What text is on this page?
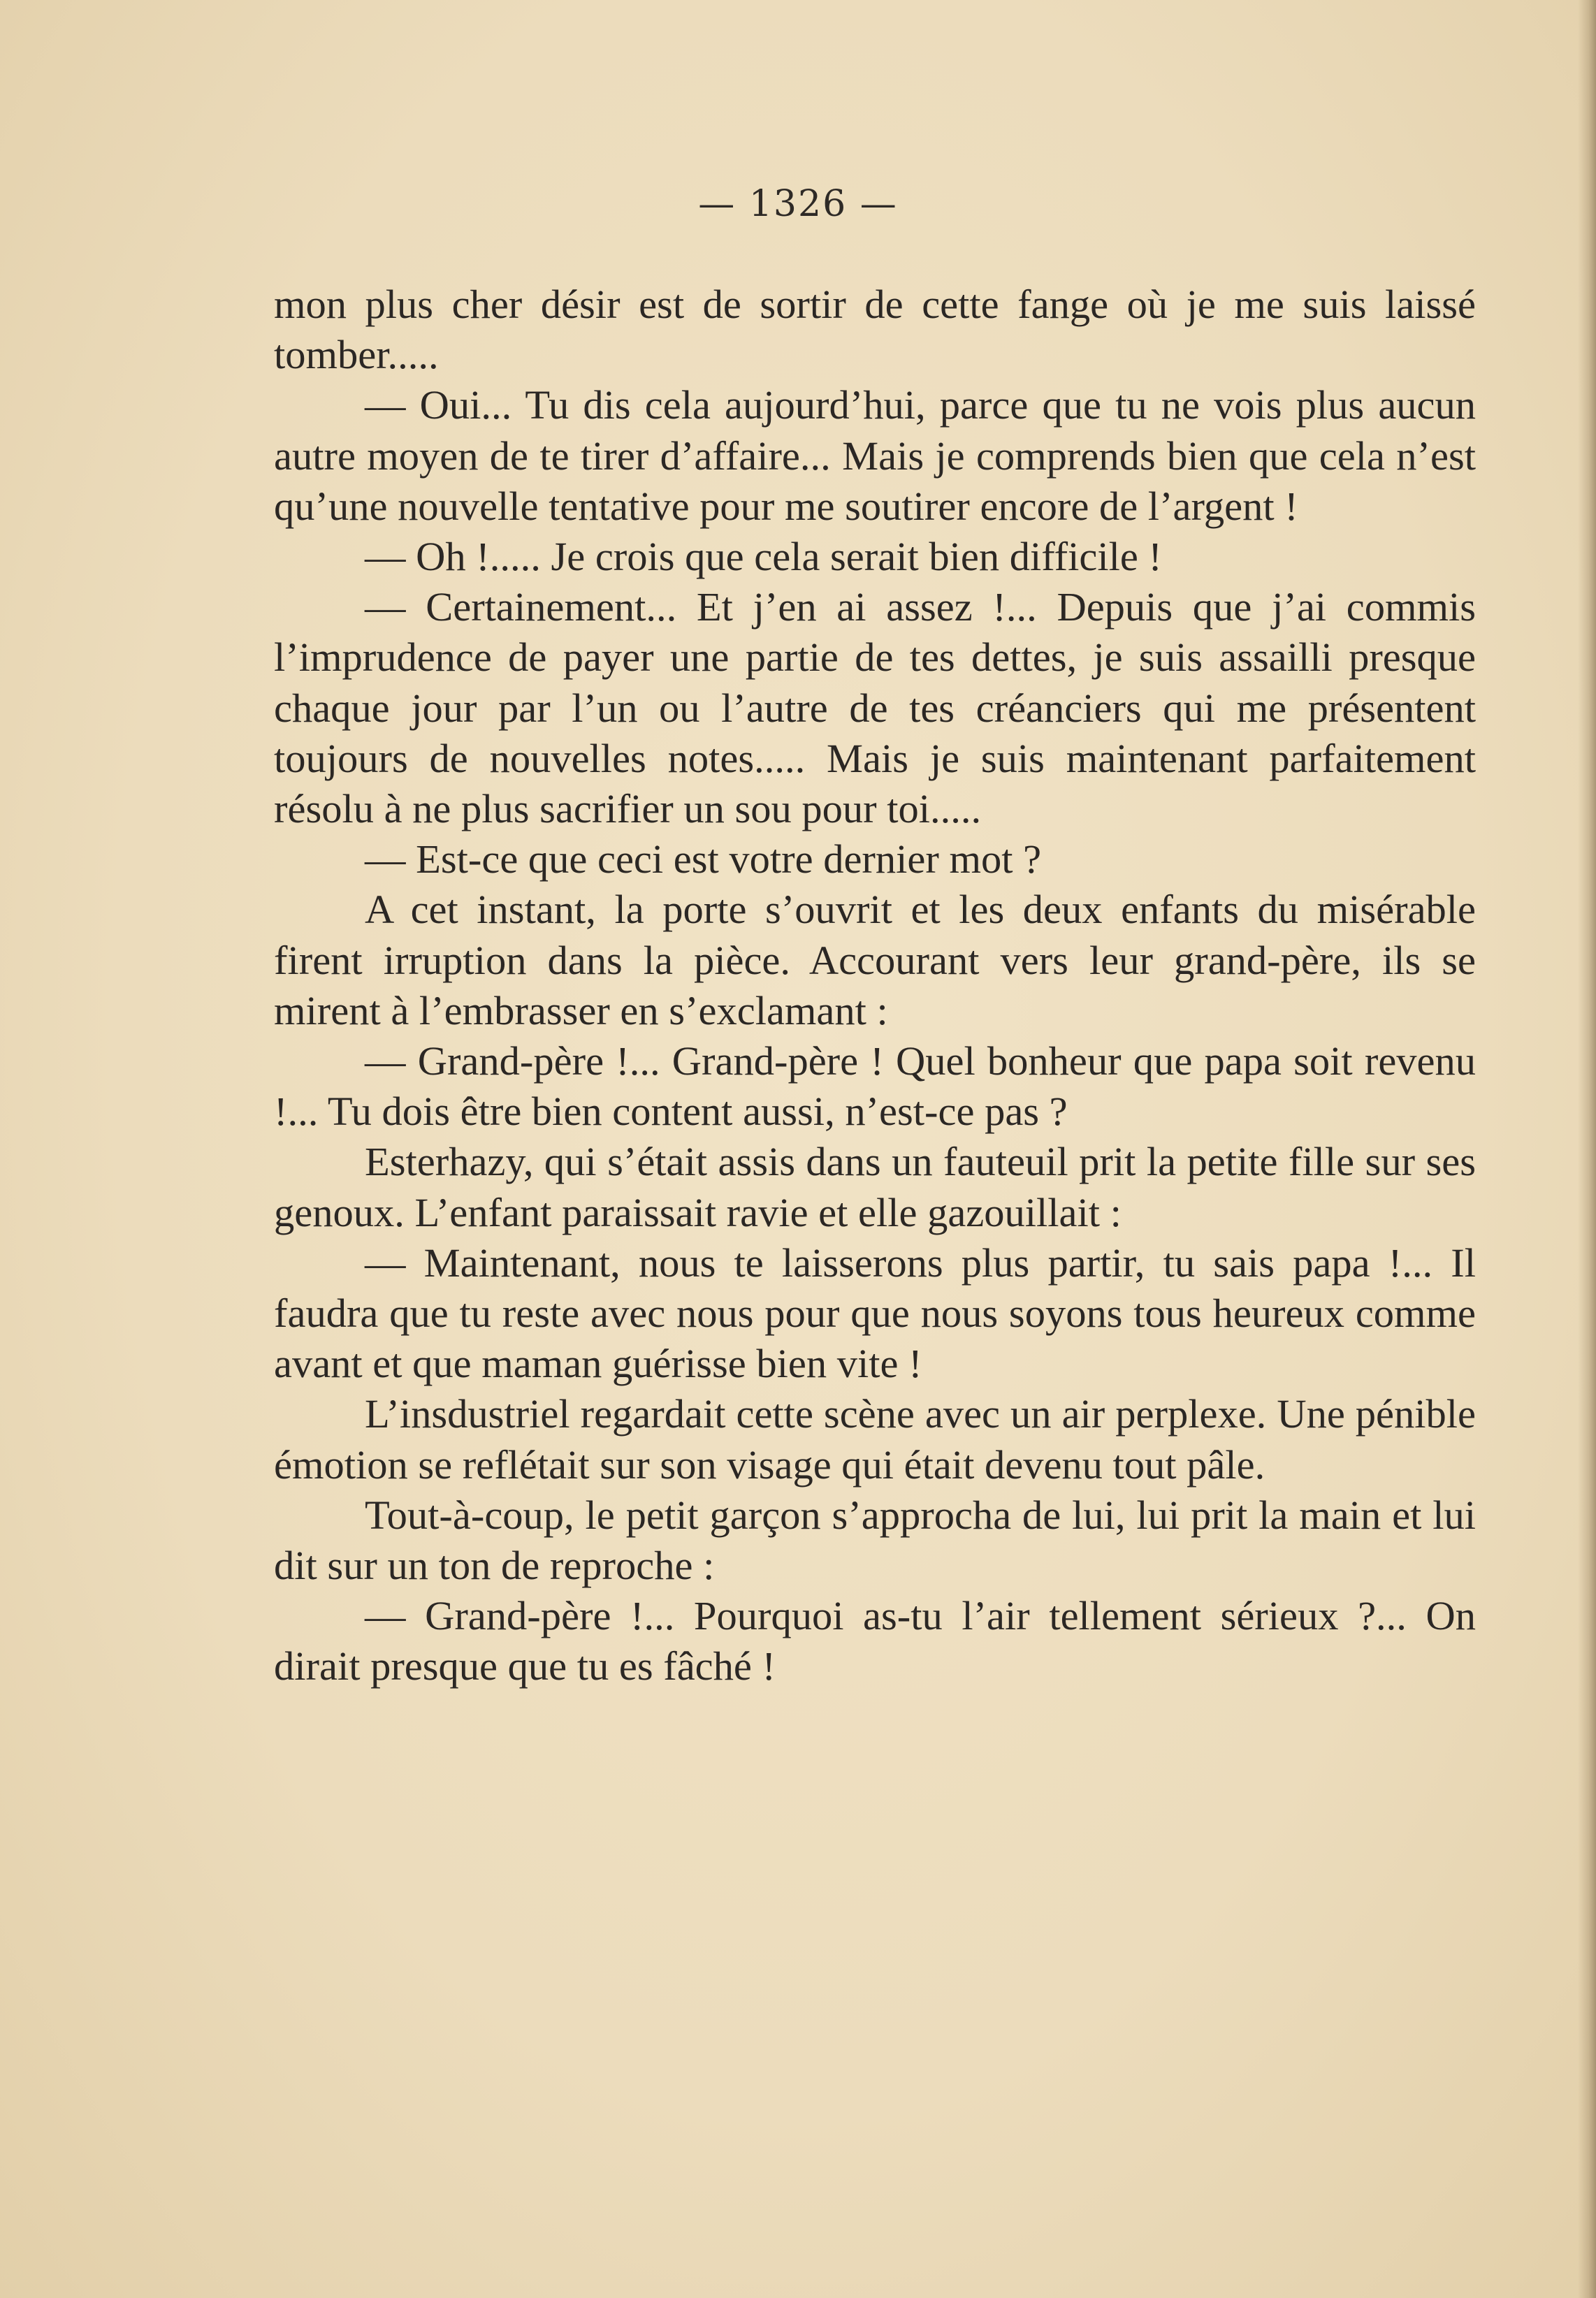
— 1326 —

mon plus cher désir est de sortir de cette fange où je me suis laissé tomber.....

— Oui... Tu dis cela aujourd’hui, parce que tu ne vois plus aucun autre moyen de te tirer d’affaire... Mais je comprends bien que cela n’est qu’une nouvelle tentative pour me soutirer encore de l’argent !

— Oh !..... Je crois que cela serait bien difficile !

— Certainement... Et j’en ai assez !... Depuis que j’ai commis l’imprudence de payer une partie de tes dettes, je suis assailli presque chaque jour par l’un ou l’autre de tes créanciers qui me présentent toujours de nouvelles notes..... Mais je suis maintenant parfaitement résolu à ne plus sacrifier un sou pour toi.....

— Est-ce que ceci est votre dernier mot ?

A cet instant, la porte s’ouvrit et les deux enfants du misérable firent irruption dans la pièce. Accourant vers leur grand-père, ils se mirent à l’embrasser en s’exclamant :

— Grand-père !... Grand-père ! Quel bonheur que papa soit revenu !... Tu dois être bien content aussi, n’est-ce pas ?

Esterhazy, qui s’était assis dans un fauteuil prit la petite fille sur ses genoux. L’enfant paraissait ravie et elle gazouillait :

— Maintenant, nous te laisserons plus partir, tu sais papa !... Il faudra que tu reste avec nous pour que nous soyons tous heureux comme avant et que maman guérisse bien vite !

L’insdustriel regardait cette scène avec un air perplexe. Une pénible émotion se reflétait sur son visage qui était devenu tout pâle.

Tout-à-coup, le petit garçon s’approcha de lui, lui prit la main et lui dit sur un ton de reproche :

— Grand-père !... Pourquoi as-tu l’air tellement sérieux ?... On dirait presque que tu es fâché !
